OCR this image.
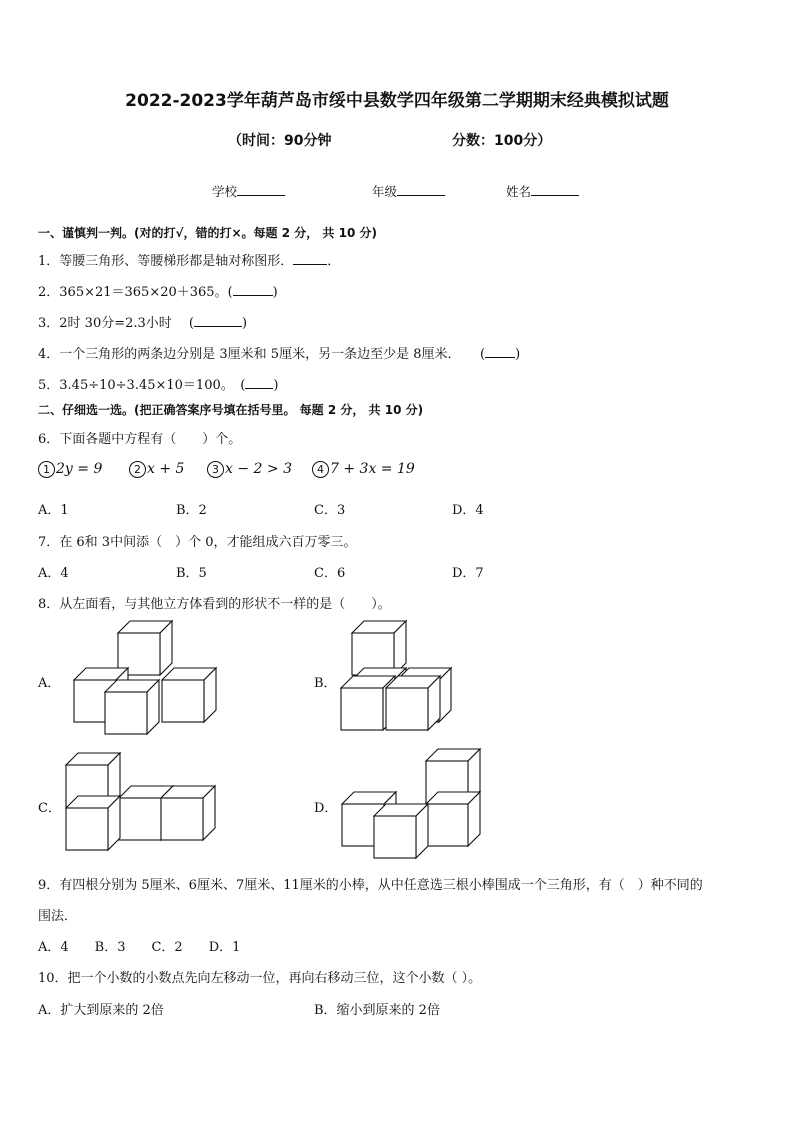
2022-2023学年葫芦岛市绥中县数学四年级第二学期期末经典模拟试题
（时间：90分钟	分数：100分）
学校	年级	姓名
一、谨慎判一判。(对的打√，错的打×。每题 2 分， 共 10 分)
1．等腰三角形、等腰梯形都是轴对称图形．	．
2．365×21＝365×20＋365。(	)
3．2时 30分=2.3小时 　(	)
4．一个三角形的两条边分别是 3厘米和 5厘米，另一条边至少是 8厘米．　　( )
5．3.45÷10÷3.45×10＝100。　( )
二、仔细选一选。(把正确答案序号填在括号里。 每题 2 分， 共 10 分)
6．下面各题中方程有（　　）个。
1 2y = 9	2 x + 5	3 x − 2 > 3	4 7 + 3x = 19
A．1	B．2	C．3	D．4
7．在 6和 3中间添（　）个 0，才能组成六百万零三。
A．4	B．5	C．6	D．7
8．从左面看，与其他立方体看到的形状不一样的是（　　）。
A．	B．
C．	D．
9．有四根分别为 5厘米、6厘米、7厘米、11厘米的小棒，从中任意选三根小棒围成一个三角形，有（　）种不同的
围法．
A．4　　B．3　　C．2　　D．1
10．把一个小数的小数点先向左移动一位，再向右移动三位，这个小数（ ）。
A．扩大到原来的 2倍	B．缩小到原来的 2倍
